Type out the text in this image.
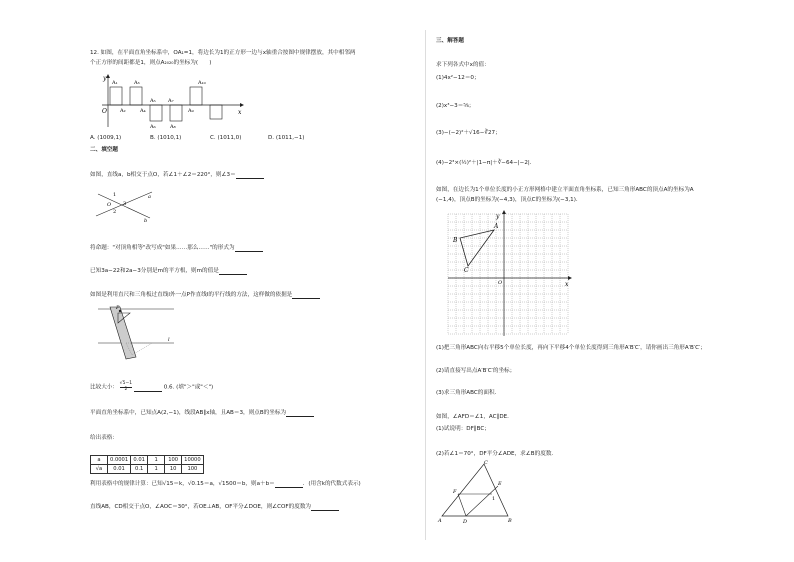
12. 如图，在平面直角坐标系中，OA₁=1，将边长为1的正方形一边与x轴重合按图中规律摆放，其中相邻两
个正方形的间距都是1，则点A₂₀₂₀的坐标为(　　)
y
x
O
A₁
A₂
A₃
A₄
A₅
A₆
A₇
A₈
A₉
A₁₀
A. (1009,1)	B. (1010,1)	C. (1011,0)	D. (1011,−1)
二、填空题
如图，直线a，b相交于点O，若∠1＋∠2＝220°，则∠3＝
1
2
3
O
a
b
将命题："对顶角相等"改写成"如果……那么……"的形式为
已知3a−22和2a−3分别是m的平方根，则m的值是
如图是利用直尺和三角板过直线l外一点P作直线l的平行线的方法，这样做的依据是
P
l
比较大小： $\frac{√5-1}{2}$	0.6. (填"＞"或"＜")
平面直角坐标系中，已知点A(2,−1)，线段AB∥x轴，且AB＝3，则点B的坐标为
给出表格：
a	0.0001	0.01	1	100	10000
√a	0.01	0.1	1	10	100
利用表格中的规律计算：已知√15＝k，√0.15＝a，√1500＝b，则a＋b＝	．(用含k的代数式表示)
直线AB，CD相交于点O，∠AOC＝30°，若OE⊥AB，OF平分∠DOE，则∠COF的度数为
三、解答题
求下列各式中x的值：
(1)4x²−12＝0；
(2)x³−3＝⅝；
(3)−(−2)²＋√16−∛27；
(4)−2³×(½)²＋|1−π|＋∛−64−|−2|．
如图，在边长为1个单位长度的小正方形网格中建立平面直角坐标系，已知三角形ABC的顶点A的坐标为A
(−1,4)，顶点B的坐标为(−4,3)，顶点C的坐标为(−3,1)．
y
x
O
A
B
C
(1)把三角形ABC向右平移5个单位长度，再向下平移4个单位长度得到三角形A′B′C′，请你画出三角形A′B′C′；
(2)请直接写出点A′B′C′的坐标；
(3)求三角形ABC的面积．
如图，∠AFD＝∠1，AC∥DE．
(1)试说明：DF∥BC；
(2)若∠1＝70°，DF平分∠ADE，求∠B的度数．
A	B
C
D
E
F
1
